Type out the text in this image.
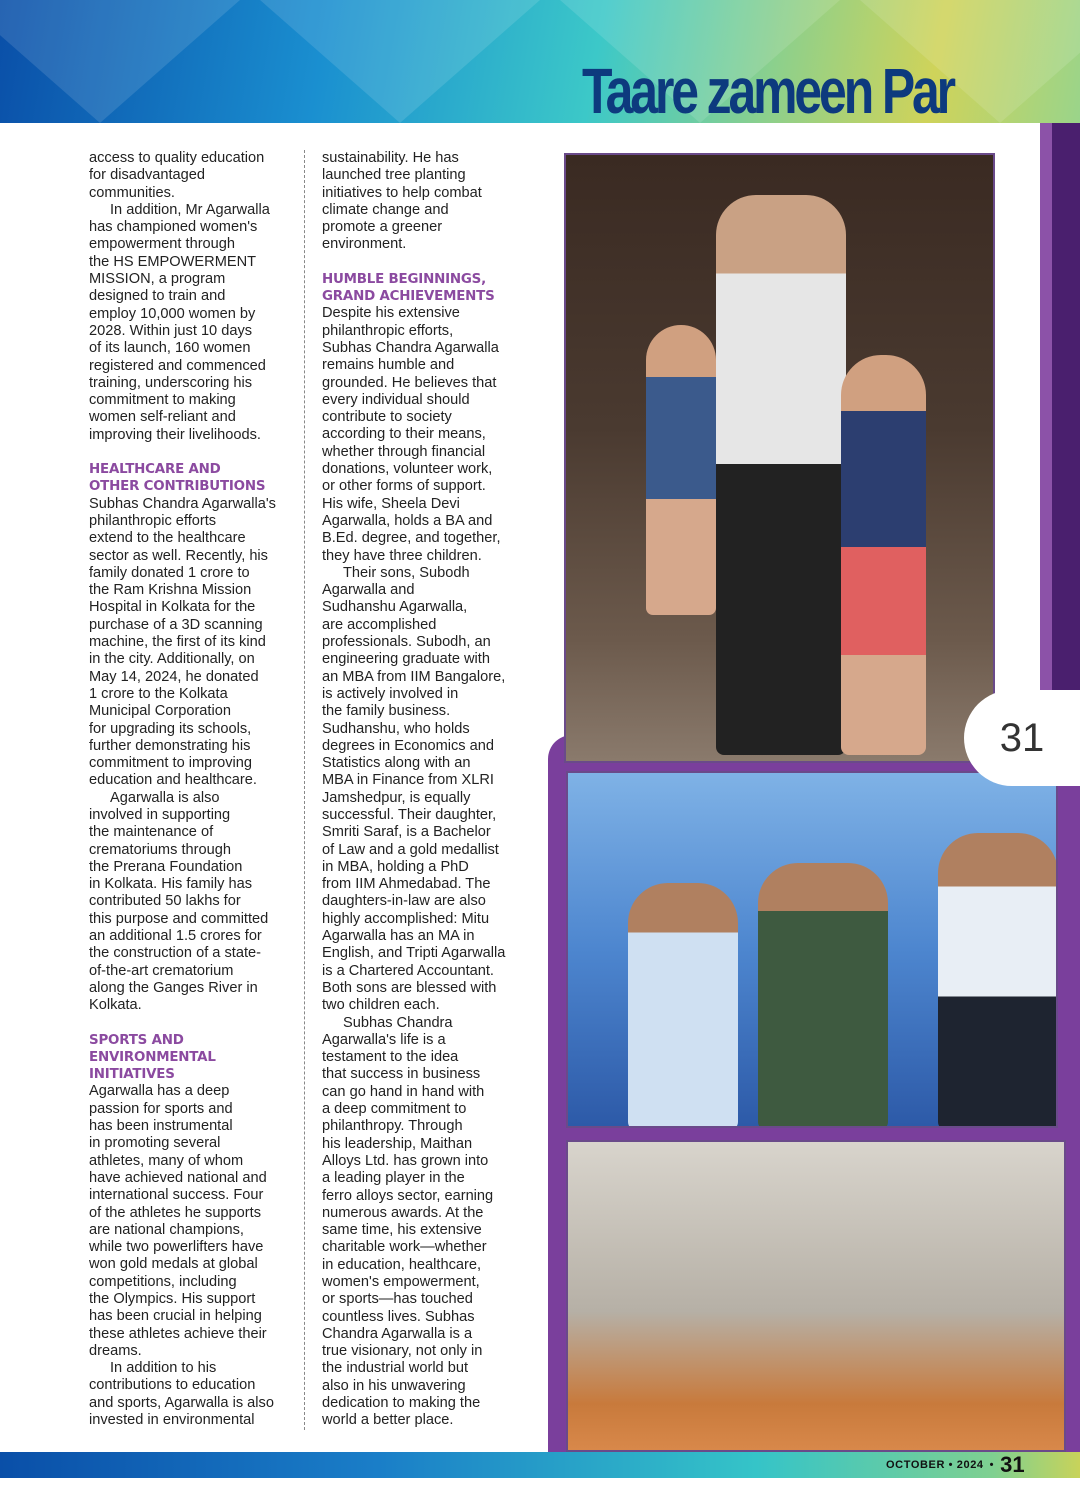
Taare zameen Par

access to quality education
for disadvantaged
communities.

In addition, Mr Agarwalla
has championed women's
empowerment through
the HS EMPOWERMENT
MISSION, a program
designed to train and
employ 10,000 women by
2028. Within just 10 days
of its launch, 160 women
registered and commenced
training, underscoring his
commitment to making
women self-reliant and
improving their livelihoods.

HEALTHCARE AND
OTHER CONTRIBUTIONS

Subhas Chandra Agarwalla's
philanthropic efforts
extend to the healthcare
sector as well. Recently, his
family donated 1 crore to
the Ram Krishna Mission
Hospital in Kolkata for the
purchase of a 3D scanning
machine, the first of its kind
in the city. Additionally, on
May 14, 2024, he donated
1 crore to the Kolkata
Municipal Corporation
for upgrading its schools,
further demonstrating his
commitment to improving
education and healthcare.

Agarwalla is also
involved in supporting
the maintenance of
crematoriums through
the Prerana Foundation
in Kolkata. His family has
contributed 50 lakhs for
this purpose and committed
an additional 1.5 crores for
the construction of a state-
of-the-art crematorium
along the Ganges River in
Kolkata.

SPORTS AND
ENVIRONMENTAL
INITIATIVES

Agarwalla has a deep
passion for sports and
has been instrumental
in promoting several
athletes, many of whom
have achieved national and
international success. Four
of the athletes he supports
are national champions,
while two powerlifters have
won gold medals at global
competitions, including
the Olympics. His support
has been crucial in helping
these athletes achieve their
dreams.

In addition to his
contributions to education
and sports, Agarwalla is also
invested in environmental

sustainability. He has
launched tree planting
initiatives to help combat
climate change and
promote a greener
environment.

HUMBLE BEGINNINGS,
GRAND ACHIEVEMENTS

Despite his extensive
philanthropic efforts,
Subhas Chandra Agarwalla
remains humble and
grounded. He believes that
every individual should
contribute to society
according to their means,
whether through financial
donations, volunteer work,
or other forms of support.
His wife, Sheela Devi
Agarwalla, holds a BA and
B.Ed. degree, and together,
they have three children.

Their sons, Subodh
Agarwalla and
Sudhanshu Agarwalla,
are accomplished
professionals. Subodh, an
engineering graduate with
an MBA from IIM Bangalore,
is actively involved in
the family business.
Sudhanshu, who holds
degrees in Economics and
Statistics along with an
MBA in Finance from XLRI
Jamshedpur, is equally
successful. Their daughter,
Smriti Saraf, is a Bachelor
of Law and a gold medallist
in MBA, holding a PhD
from IIM Ahmedabad. The
daughters-in-law are also
highly accomplished: Mitu
Agarwalla has an MA in
English, and Tripti Agarwalla
is a Chartered Accountant.
Both sons are blessed with
two children each.

Subhas Chandra
Agarwalla's life is a
testament to the idea
that success in business
can go hand in hand with
a deep commitment to
philanthropy. Through
his leadership, Maithan
Alloys Ltd. has grown into
a leading player in the
ferro alloys sector, earning
numerous awards. At the
same time, his extensive
charitable work—whether
in education, healthcare,
women's empowerment,
or sports—has touched
countless lives. Subhas
Chandra Agarwalla is a
true visionary, not only in
the industrial world but
also in his unwavering
dedication to making the
world a better place.

31
OCTOBER • 2024 • 31
